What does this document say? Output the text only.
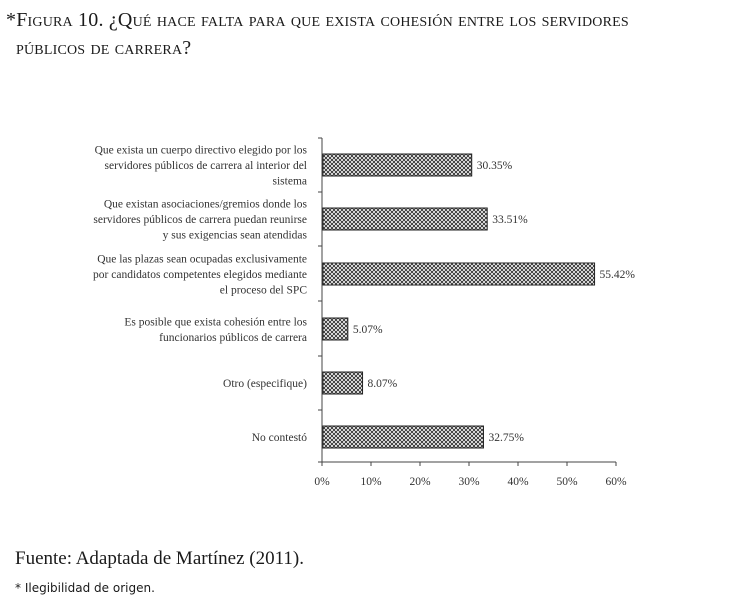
*Figura 10. ¿Qué hace falta para que exista cohesión entre los servidores
públicos de carrera?
0%	10% 20% 30% 40% 50% 60%
30.35%
Que exista un cuerpo directivo elegido por los servidores públicos de carrera al interior del sistema
33.51%
Que existan asociaciones/gremios donde los servidores públicos de carrera puedan reunirse y sus exigencias sean atendidas
55.42%
Que las plazas sean ocupadas exclusivamente por candidatos competentes elegidos mediante el proceso del SPC
5.07%
Es posible que exista cohesión entre los funcionarios públicos de carrera
8.07%
Otro (especifique)
32.75%
No contestó
Fuente: Adaptada de Martínez (2011).
* Ilegibilidad de origen.
